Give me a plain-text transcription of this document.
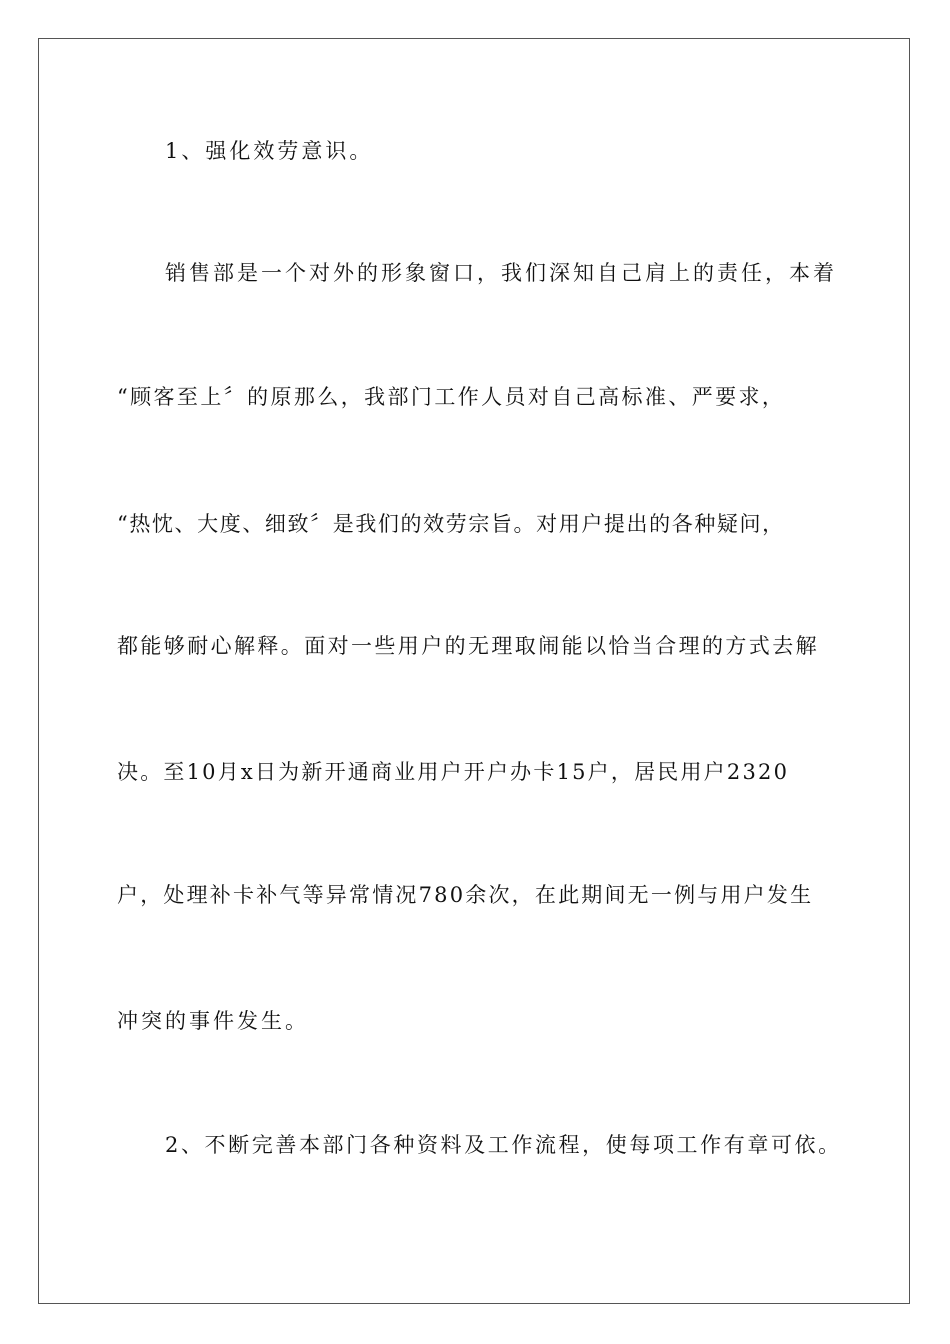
1、强化效劳意识。
销售部是一个对外的形象窗口，我们深知自己肩上的责任，本着
“顾客至上〞的原那么，我部门工作人员对自己高标准、严要求，
“热忱、大度、细致〞是我们的效劳宗旨。对用户提出的各种疑问，
都能够耐心解释。面对一些用户的无理取闹能以恰当合理的方式去解
决。至10月x日为新开通商业用户开户办卡15户，居民用户2320
户，处理补卡补气等异常情况780余次，在此期间无一例与用户发生
冲突的事件发生。
2、不断完善本部门各种资料及工作流程，使每项工作有章可依。
